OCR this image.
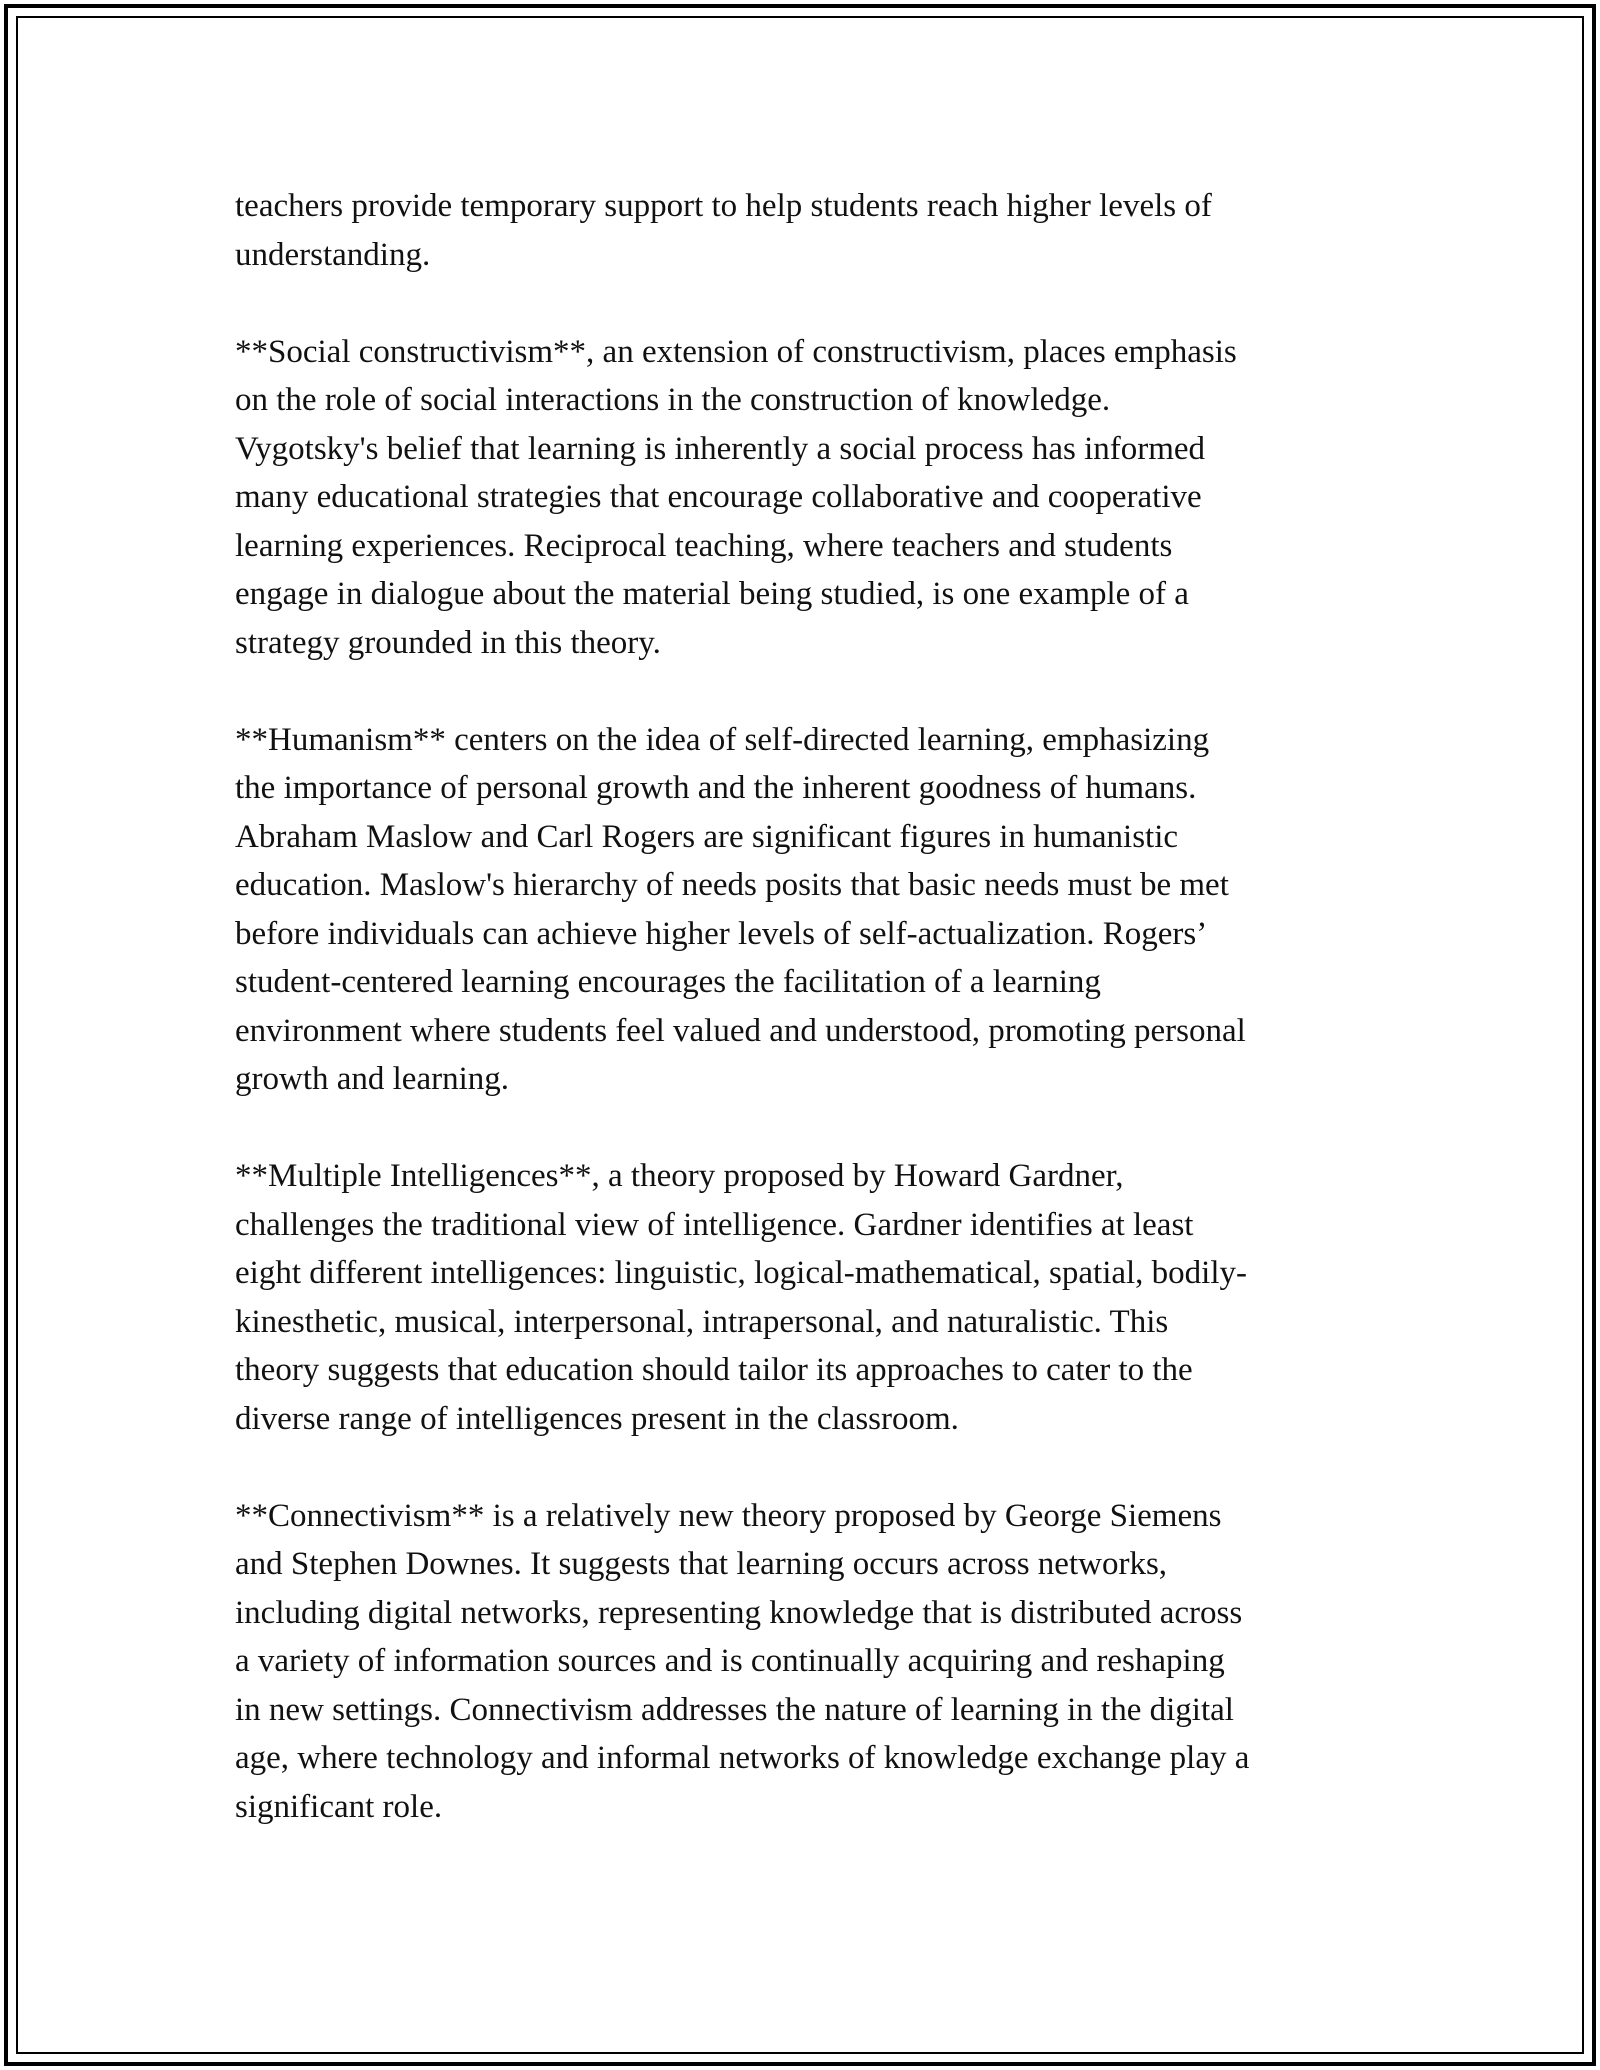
teachers provide temporary support to help students reach higher levels of
understanding.

**Social constructivism**, an extension of constructivism, places emphasis
on the role of social interactions in the construction of knowledge.
Vygotsky's belief that learning is inherently a social process has informed
many educational strategies that encourage collaborative and cooperative
learning experiences. Reciprocal teaching, where teachers and students
engage in dialogue about the material being studied, is one example of a
strategy grounded in this theory.

**Humanism** centers on the idea of self-directed learning, emphasizing
the importance of personal growth and the inherent goodness of humans.
Abraham Maslow and Carl Rogers are significant figures in humanistic
education. Maslow's hierarchy of needs posits that basic needs must be met
before individuals can achieve higher levels of self-actualization. Rogers’
student-centered learning encourages the facilitation of a learning
environment where students feel valued and understood, promoting personal
growth and learning.

**Multiple Intelligences**, a theory proposed by Howard Gardner,
challenges the traditional view of intelligence. Gardner identifies at least
eight different intelligences: linguistic, logical-mathematical, spatial, bodily-
kinesthetic, musical, interpersonal, intrapersonal, and naturalistic. This
theory suggests that education should tailor its approaches to cater to the
diverse range of intelligences present in the classroom.

**Connectivism** is a relatively new theory proposed by George Siemens
and Stephen Downes. It suggests that learning occurs across networks,
including digital networks, representing knowledge that is distributed across
a variety of information sources and is continually acquiring and reshaping
in new settings. Connectivism addresses the nature of learning in the digital
age, where technology and informal networks of knowledge exchange play a
significant role.
